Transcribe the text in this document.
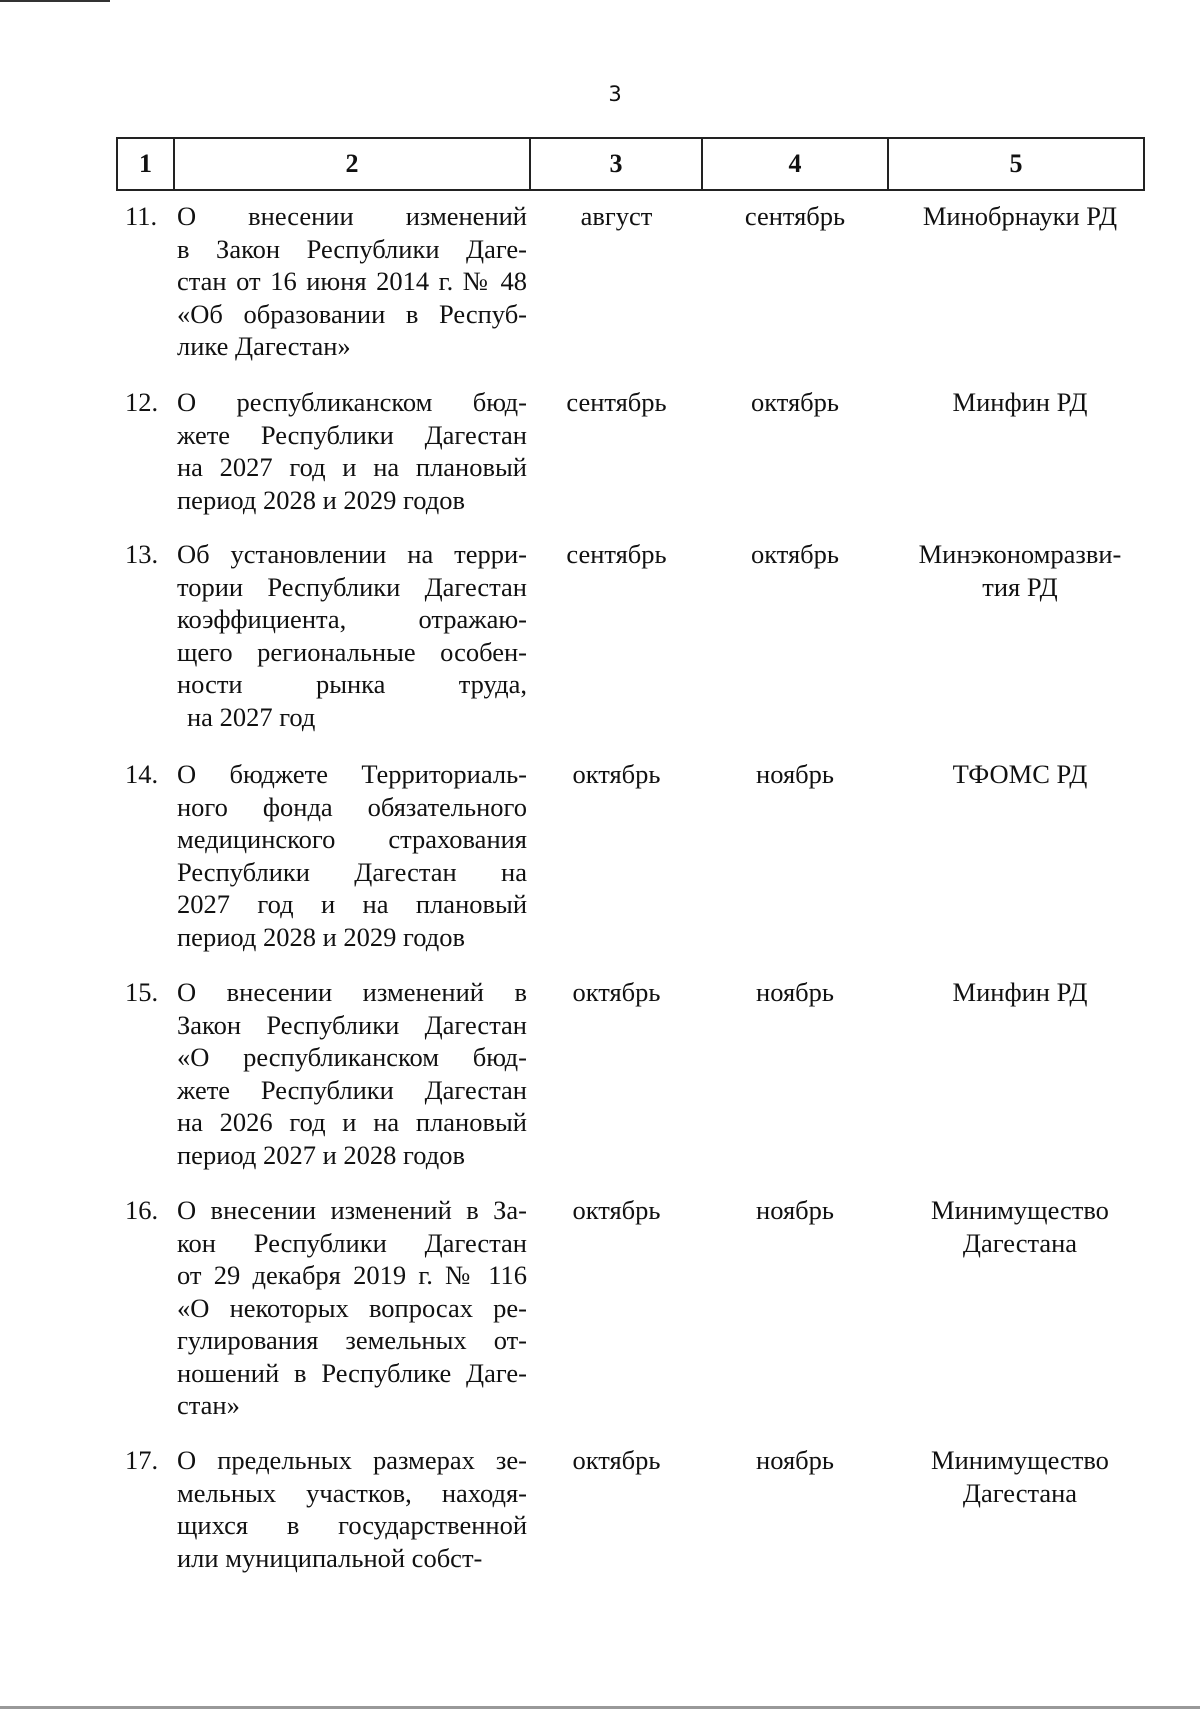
3
1	2	3	4	5
11. О внесении изменений
в Закон Республики Даге-
стан от 16 июня 2014 г. № 48
«Об образовании в Респуб-
лике Дагестан»
август	сентябрь	Минобрнауки РД
12. О республиканском бюд-
жете Республики Дагестан
на 2027 год и на плановый
период 2028 и 2029 годов
сентябрь	октябрь	Минфин РД
13. Об установлении на терри-
тории Республики Дагестан
коэффициента, отражаю-
щего региональные особен-
ности рынка труда,
на 2027 год
сентябрь	октябрь	Минэкономразви-
тия РД
14. О бюджете Территориаль-
ного фонда обязательного
медицинского страхования
Республики Дагестан на
2027 год и на плановый
период 2028 и 2029 годов
октябрь	ноябрь	ТФОМС РД
15. О внесении изменений в
Закон Республики Дагестан
«О республиканском бюд-
жете Республики Дагестан
на 2026 год и на плановый
период 2027 и 2028 годов
октябрь	ноябрь	Минфин РД
16. О внесении изменений в За-
кон Республики Дагестан
от 29 декабря 2019 г. № 116
«О некоторых вопросах ре-
гулирования земельных от-
ношений в Республике Даге-
стан»
октябрь	ноябрь	Минимущество
Дагестана
17. О предельных размерах зе-
мельных участков, находя-
щихся в государственной
или муниципальной собст-
октябрь	ноябрь	Минимущество
Дагестана
